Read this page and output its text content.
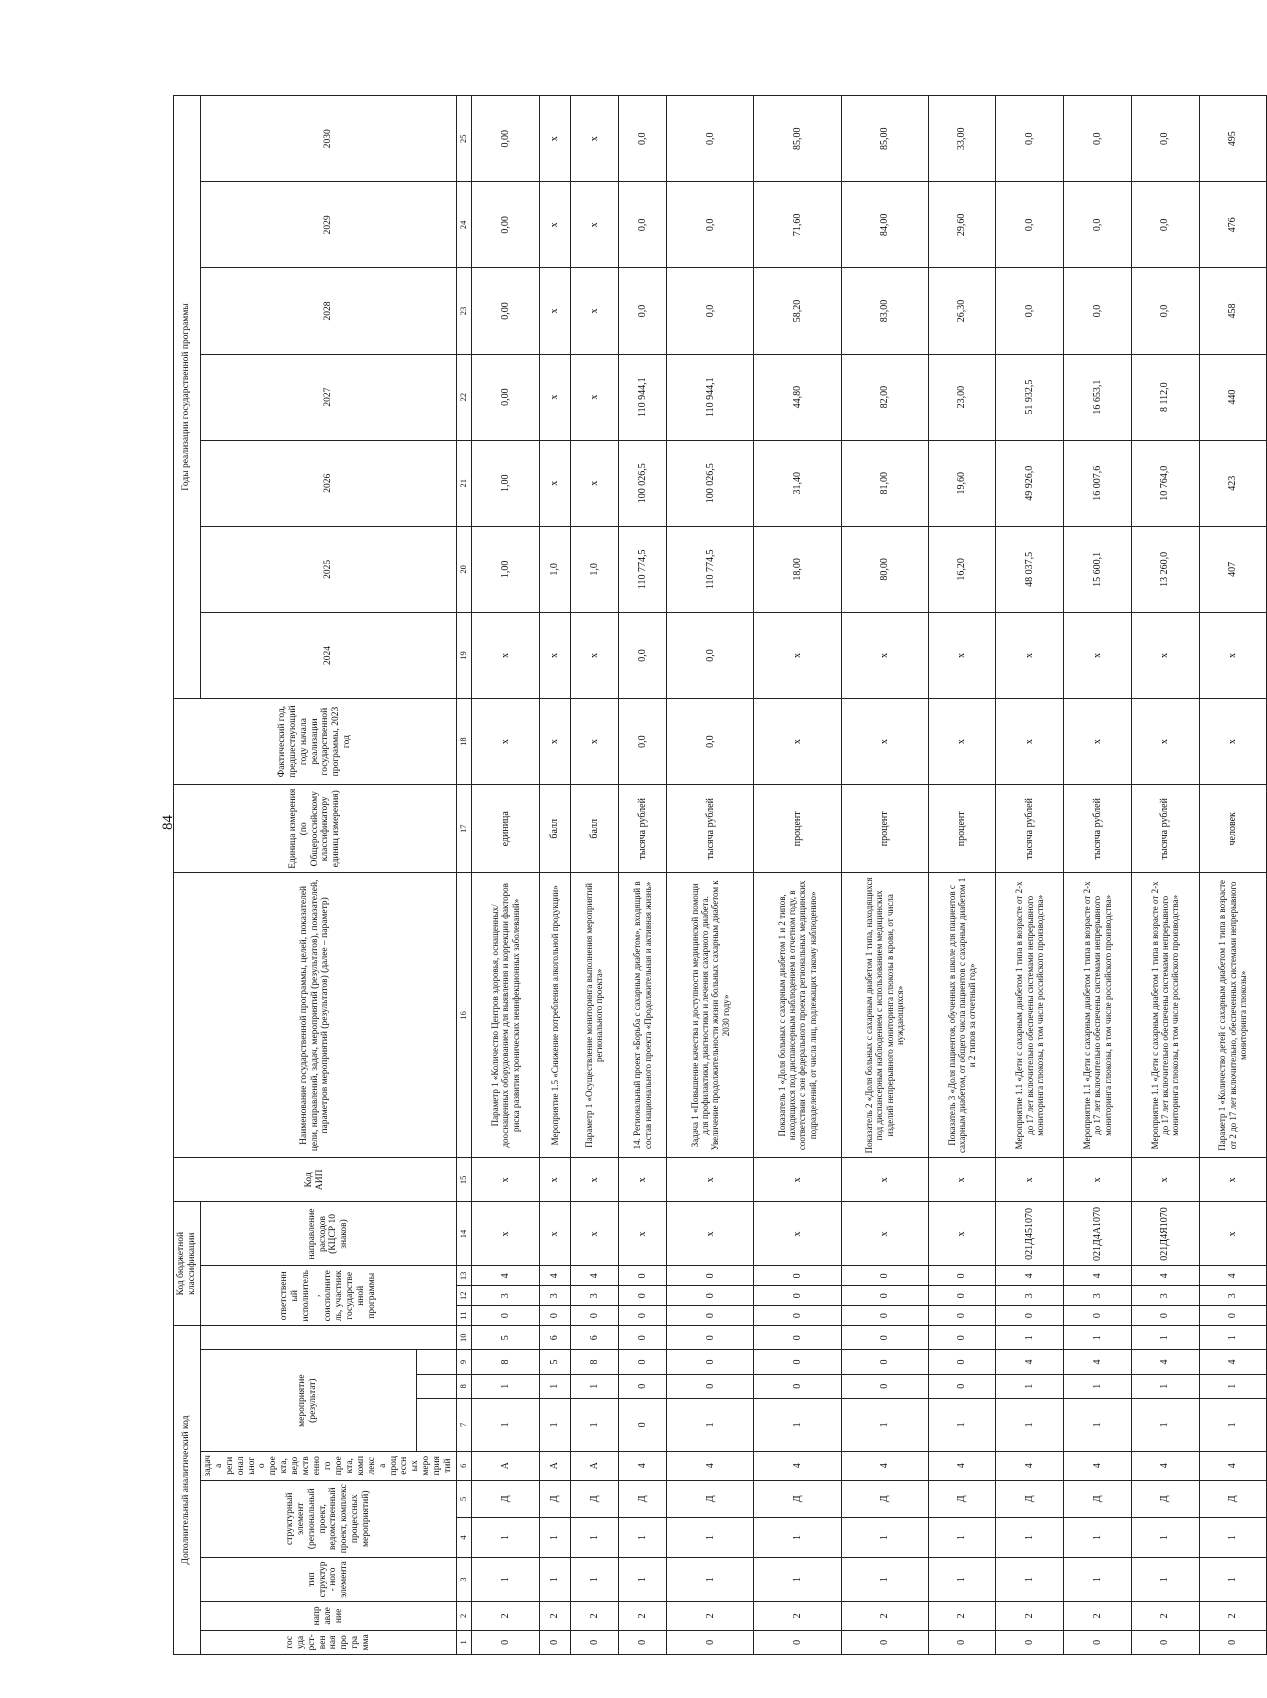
84
Дополнительный аналитический код										Код бюджетной классификации				Код АИП	Наименование государственной программы, целей, показателей цели, направлений, задач, мероприятий (результатов), показателей, параметров мероприятий (результатов) (далее – параметр)	Единица измерения (по Общероссийскому классификатору единиц измерения)	Фактический год, предшествующий году начала реализации государственной программы, 2023 год	Годы реализации государственной программы						
государст- венная программа	направление	тип структур- ного элемента	структурный элемент (региональный проект, ведомственный проект, комплекс процессных мероприятий)		задача регионального проекта, ведомственного проекта, комплекса процессных мероприятий	мероприятие (результат)				ответственный исполнитель, соисполнитель, участник государственной программы			направление расходов (КЦСР 10 знаков)					2024	2025	2026	2027	2028	2029	2030

1	2	3	4	5	6	7	8	9	10	11	12	13	14	15	16	17	18	19	20	21	22	23	24	25
0	2	1	1	Д	А	1	1	8	5	0	3	4	х	х	Параметр 1 «Количество Центров здоровья, оснащенных/дооснащенных оборудованием для выявления и коррекции факторов риска развития хронических неинфекционных заболеваний»	единица	х	х	1,00	1,00	0,00	0,00	0,00	0,00
0	2	1	1	Д	А	1	1	5	6	0	3	4	х	х	Мероприятие 1.5 «Снижение потребления алкогольной продукции»	балл	х	х	1,0	х	х	х	х	х
0	2	1	1	Д	А	1	1	8	6	0	3	4	х	х	Параметр 1 «Осуществление мониторинга выполнения мероприятий регионального проекта»	балл	х	х	1,0	х	х	х	х	х
0	2	1	1	Д	4	0	0	0	0	0	0	0	х	х	14. Региональный проект «Борьба с сахарным диабетом», входящий в состав национального проекта «Продолжительная и активная жизнь»	тысяча рублей	0,0	0,0	110 774,5	100 026,5	110 944,1	0,0	0,0	0,0
0	2	1	1	Д	4	1	0	0	0	0	0	0	х	х	Задача 1 «Повышение качества и доступности медицинской помощи для профилактики, диагностики и лечения сахарного диабета. Увеличение продолжительности жизни больных сахарным диабетом к 2030 году»	тысяча рублей	0,0	0,0	110 774,5	100 026,5	110 944,1	0,0	0,0	0,0
0	2	1	1	Д	4	1	0	0	0	0	0	0	х	х	Показатель 1 «Доля больных с сахарным диабетом 1 и 2 типов, находящихся под диспансерным наблюдением в отчетном году, в соответствии с зон федерального проекта региональных медицинских подразделений, от числа лиц, подлежащих такому наблюдению»	процент	х	х	18,00	31,40	44,80	58,20	71,60	85,00
0	2	1	1	Д	4	1	0	0	0	0	0	0	х	х	Показатель 2 «Доля больных с сахарным диабетом 1 типа, находящихся под диспансерным наблюдением с использованием медицинских изделий непрерывного мониторинга глюкозы в крови, от числа нуждающихся»	процент	х	х	80,00	81,00	82,00	83,00	84,00	85,00
0	2	1	1	Д	4	1	0	0	0	0	0	0	х	х	Показатель 3 «Доля пациентов, обученных в школе для пациентов с сахарным диабетом, от общего числа пациентов с сахарным диабетом 1 и 2 типов за отчетный год»	процент	х	х	16,20	19,60	23,00	26,30	29,60	33,00
0	2	1	1	Д	4	1	1	4	1	0	3	4	021Д451070	х	Мероприятие 1.1 «Дети с сахарным диабетом 1 типа в возрасте от 2-х до 17 лет включительно обеспечены системами непрерывного мониторинга глюкозы, в том числе российского производства»	тысяча рублей	х	х	48 037,5	49 926,0	51 932,5	0,0	0,0	0,0
0	2	1	1	Д	4	1	1	4	1	0	3	4	021Д4А1070	х	Мероприятие 1.1 «Дети с сахарным диабетом 1 типа в возрасте от 2-х до 17 лет включительно обеспечены системами непрерывного мониторинга глюкозы, в том числе российского производства»	тысяча рублей	х	х	15 600,1	16 007,6	16 653,1	0,0	0,0	0,0
0	2	1	1	Д	4	1	1	4	1	0	3	4	021Д4Я1070	х	Мероприятие 1.1 «Дети с сахарным диабетом 1 типа в возрасте от 2-х до 17 лет включительно обеспечены системами непрерывного мониторинга глюкозы, в том числе российского производства»	тысяча рублей	х	х	13 260,0	10 764,0	8 112,0	0,0	0,0	0,0
0	2	1	1	Д	4	1	1	4	1	0	3	4	х	х	Параметр 1 «Количество детей с сахарным диабетом 1 типа в возрасте от 2 до 17 лет включительно, обеспеченных системами непрерывного мониторинга глюкозы»	человек	х	х	407	423	440	458	476	495
